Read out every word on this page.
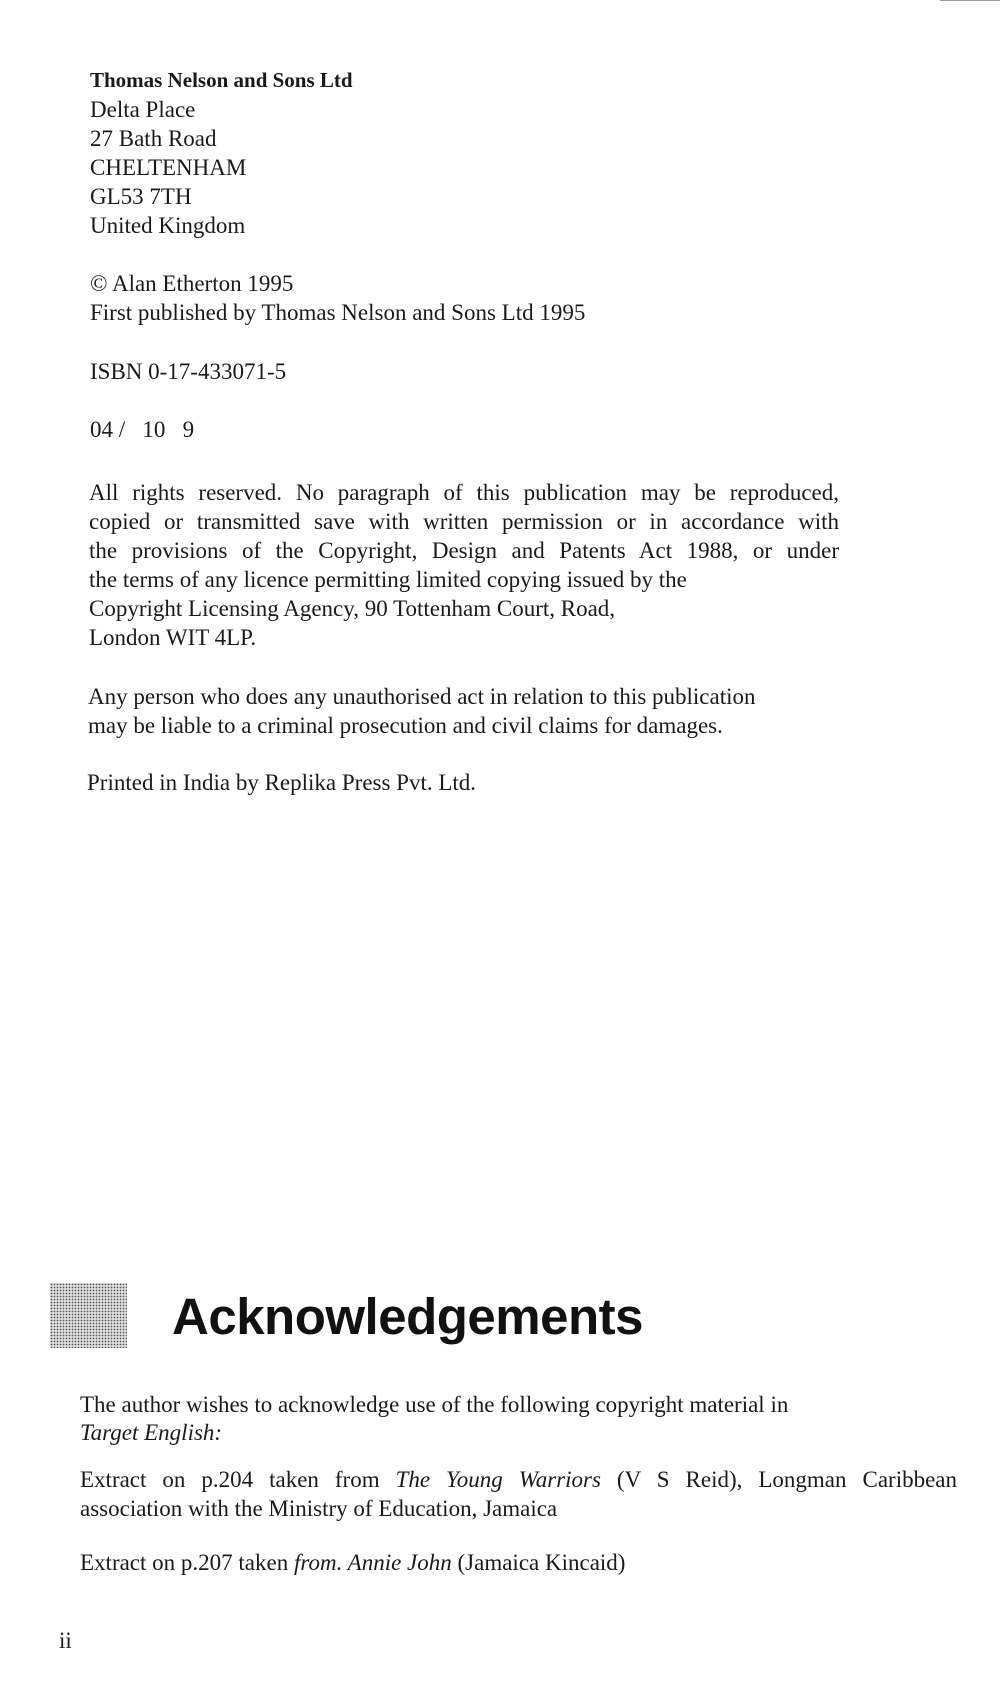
Thomas Nelson and Sons Ltd
Delta Place
27 Bath Road
CHELTENHAM
GL53 7TH
United Kingdom
© Alan Etherton 1995
First published by Thomas Nelson and Sons Ltd 1995
ISBN 0-17-433071-5
04 /   10   9
All rights reserved. No paragraph of this publication may be reproduced,
copied or transmitted save with written permission or in accordance with
the provisions of the Copyright, Design and Patents Act 1988, or under
the terms of any licence permitting limited copying issued by the
Copyright Licensing Agency, 90 Tottenham Court, Road,
London WIT 4LP.
Any person who does any unauthorised act in relation to this publication
may be liable to a criminal prosecution and civil claims for damages.
Printed in India by Replika Press Pvt. Ltd.
Acknowledgements
The author wishes to acknowledge use of the following copyright material in
Target English:
Extract on p.204 taken from The Young Warriors (V S Reid), Longman Caribbean
association with the Ministry of Education, Jamaica
Extract on p.207 taken from. Annie John (Jamaica Kincaid)
ii
